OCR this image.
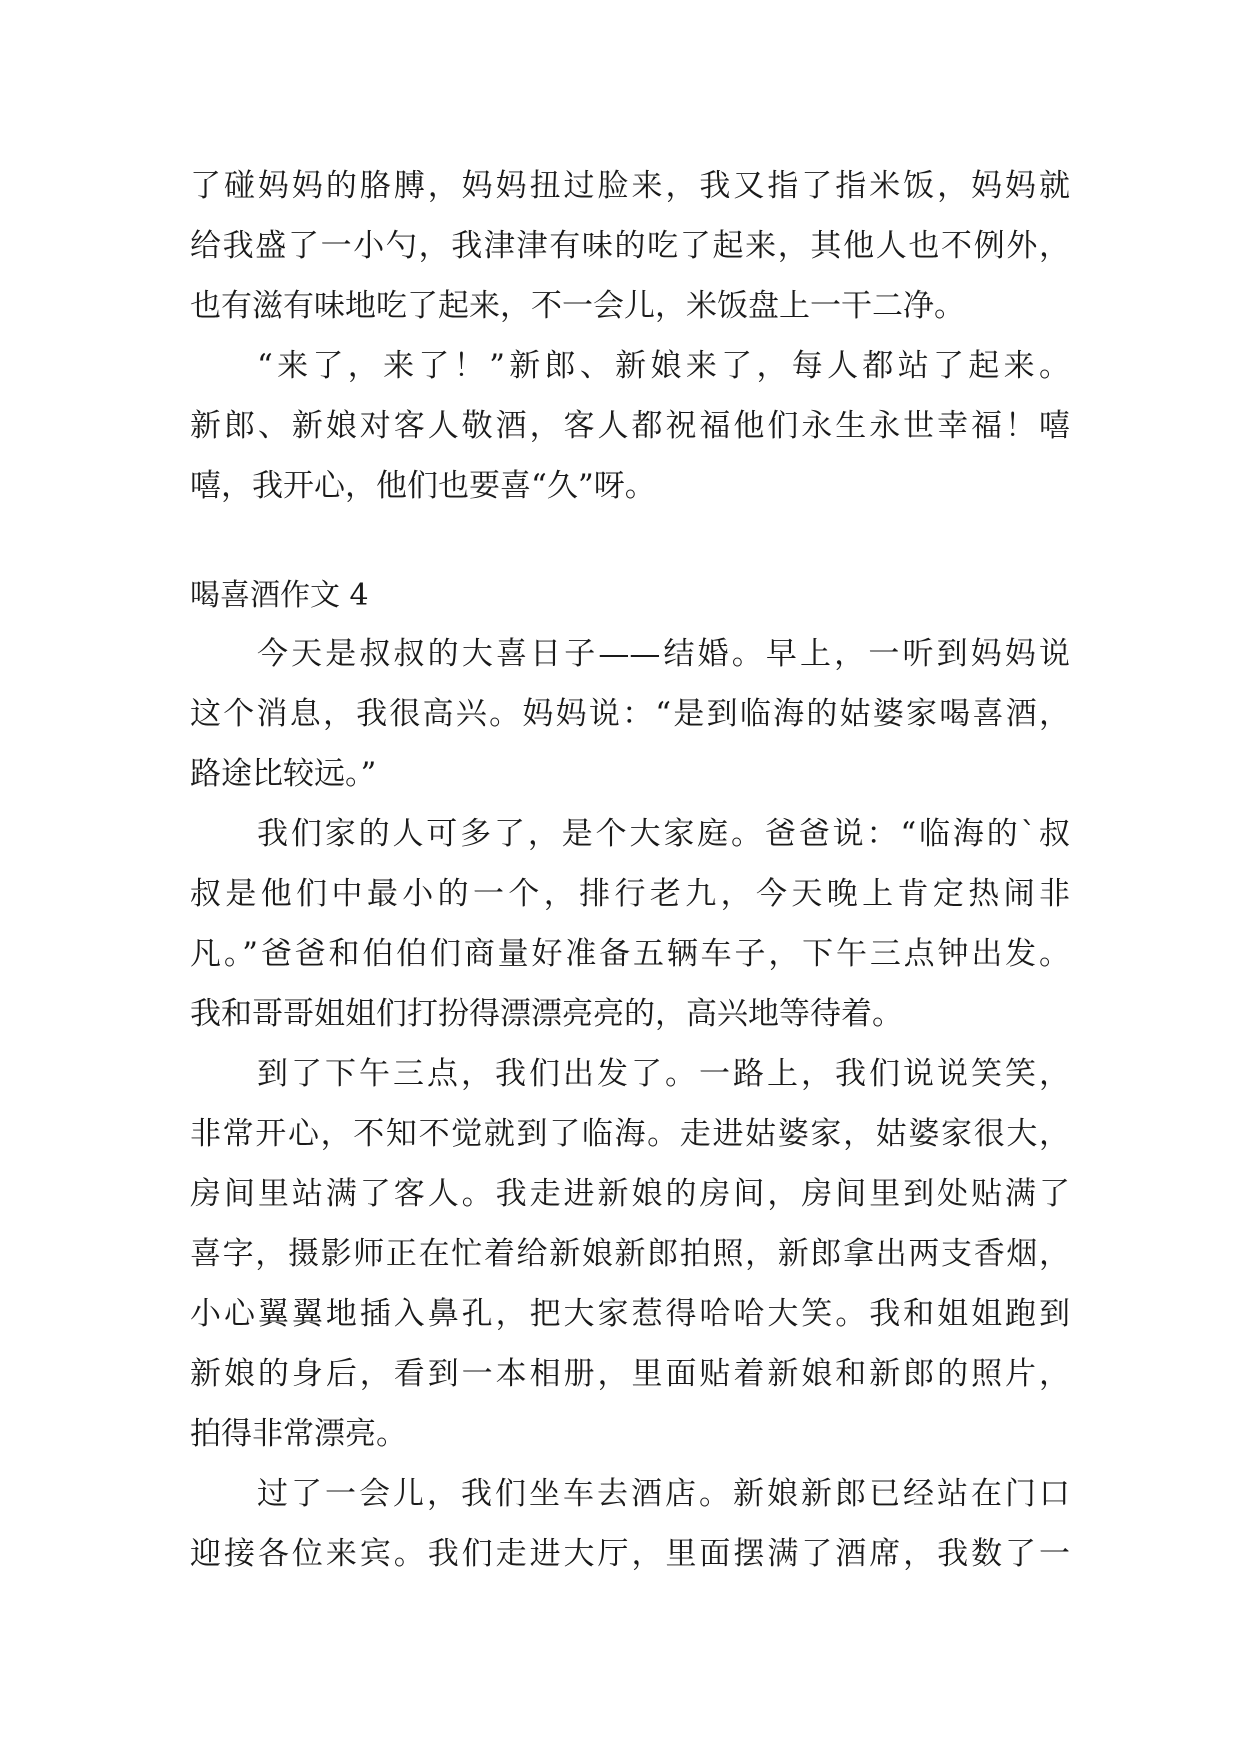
了碰妈妈的胳膊，妈妈扭过脸来，我又指了指米饭，妈妈就
给我盛了一小勺，我津津有味的吃了起来，其他人也不例外，
也有滋有味地吃了起来，不一会儿，米饭盘上一干二净。
“来了，来了！”新郎、新娘来了，每人都站了起来。
新郎、新娘对客人敬酒，客人都祝福他们永生永世幸福！嘻
嘻，我开心，他们也要喜“久”呀。
喝喜酒作文 4
今天是叔叔的大喜日子——结婚。早上，一听到妈妈说
这个消息，我很高兴。妈妈说：“是到临海的姑婆家喝喜酒，
路途比较远。”
我们家的人可多了，是个大家庭。爸爸说：“临海的`叔
叔是他们中最小的一个，排行老九，今天晚上肯定热闹非
凡。”爸爸和伯伯们商量好准备五辆车子，下午三点钟出发。
我和哥哥姐姐们打扮得漂漂亮亮的，高兴地等待着。
到了下午三点，我们出发了。一路上，我们说说笑笑，
非常开心，不知不觉就到了临海。走进姑婆家，姑婆家很大，
房间里站满了客人。我走进新娘的房间，房间里到处贴满了
喜字，摄影师正在忙着给新娘新郎拍照，新郎拿出两支香烟，
小心翼翼地插入鼻孔，把大家惹得哈哈大笑。我和姐姐跑到
新娘的身后，看到一本相册，里面贴着新娘和新郎的照片，
拍得非常漂亮。
过了一会儿，我们坐车去酒店。新娘新郎已经站在门口
迎接各位来宾。我们走进大厅，里面摆满了酒席，我数了一
